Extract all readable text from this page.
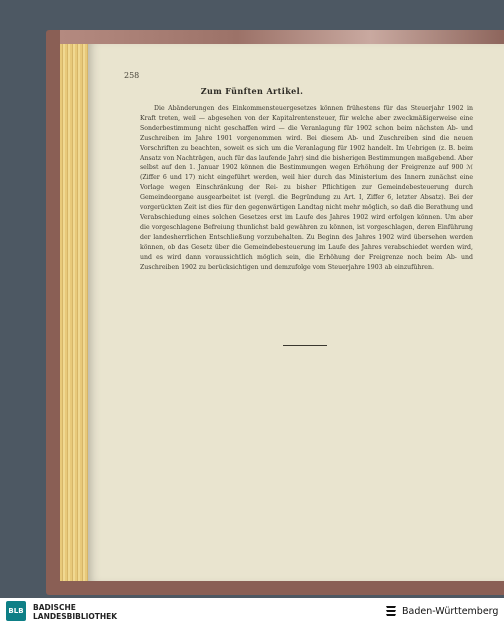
258
Zum Fünften Artikel.

Die Abänderungen des Einkommensteuergesetzes können frühestens für das Steuerjahr 1902 in Kraft treten, weil — abgesehen von der Kapitalrentensteuer, für welche aber zweckmäßigerweise eine Sonderbestimmung nicht geschaffen wird — die Veranlagung für 1902 schon beim nächsten Ab- und Zuschreiben im Jahre 1901 vorgenommen wird. Bei diesem Ab- und Zuschreiben sind die neuen Vorschriften zu beachten, soweit es sich um die Veranlagung für 1902 handelt. Im Uebrigen (z. B. beim Ansatz von Nachträgen, auch für das laufende Jahr) sind die bisherigen Bestimmungen maßgebend. Aber selbst auf den 1. Januar 1902 können die Bestimmungen wegen Erhöhung der Freigrenze auf 900 ℳ (Ziffer 6 und 17) nicht eingeführt werden, weil hier durch das Ministerium des Innern zunächst eine Vorlage wegen Einschränkung der Rei- zu bisher Pflichtigen zur Gemeindebesteuerung durch Gemeindeorgane ausgearbeitet ist (vergl. die Begründung zu Art. I, Ziffer 6, letzter Absatz). Bei der vorgerückten Zeit ist dies für den gegenwärtigen Landtag nicht mehr möglich, so daß die Berathung und Verabschiedung eines solchen Gesetzes erst im Laufe des Jahres 1902 wird erfolgen können. Um aber die vorgeschlagene Befreiung thunlichst bald gewähren zu können, ist vorgeschlagen, deren Einführung der landesherrlichen Entschließung vorzubehalten. Zu Beginn des Jahres 1902 wird übersehen werden können, ob das Gesetz über die Gemeindebesteuerung im Laufe des Jahres verabschiedet werden wird, und es wird dann voraussichtlich möglich sein, die Erhöhung der Freigrenze noch beim Ab- und Zuschreiben 1902 zu berücksichtigen und demzufolge vom Steuerjahre 1903 ab einzuführen.

BLB	BADISCHE
LANDESBIBLIOTHEK	Baden-Württemberg
